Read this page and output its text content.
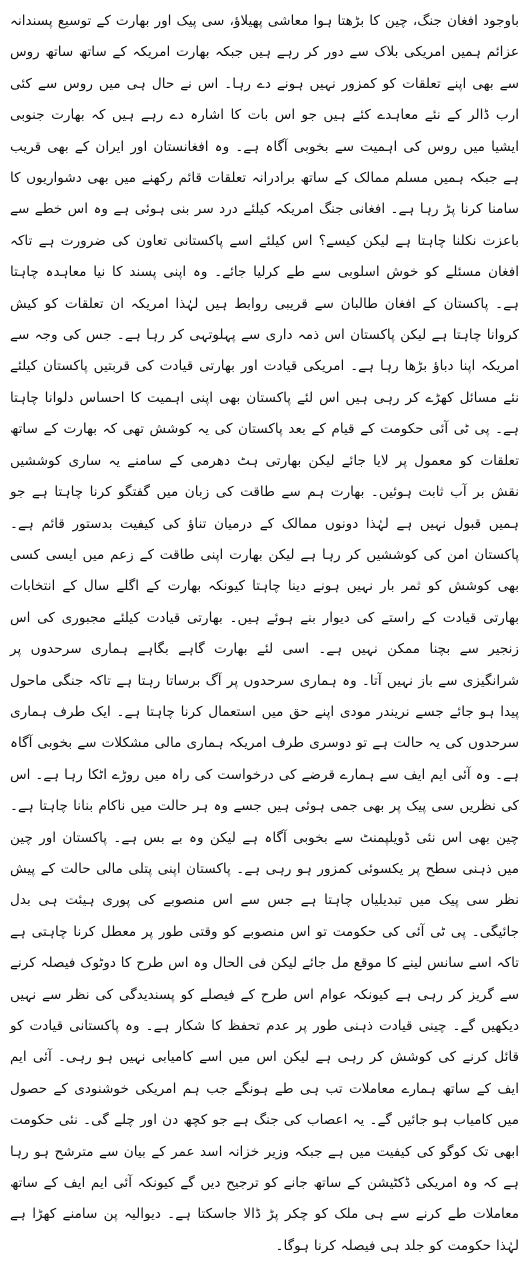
باوجود افغان جنگ، چین کا بڑھتا ہوا معاشی پھیلاؤ، سی پیک اور بھارت کے توسیع پسندانہ عزائم ہمیں امریکی بلاک سے دور کر رہے ہیں جبکہ بھارت امریکہ کے ساتھ ساتھ روس سے بھی اپنے تعلقات کو کمزور نہیں ہونے دے رہا۔ اس نے حال ہی میں روس سے کئی ارب ڈالر کے نئے معاہدے کئے ہیں جو اس بات کا اشارہ دے رہے ہیں کہ بھارت جنوبی ایشیا میں روس کی اہمیت سے بخوبی آگاہ ہے۔ وہ افغانستان اور ایران کے بھی قریب ہے جبکہ ہمیں مسلم ممالک کے ساتھ برادرانہ تعلقات قائم رکھنے میں بھی دشواریوں کا سامنا کرنا پڑ رہا ہے۔ افغانی جنگ امریکہ کیلئے درد سر بنی ہوئی ہے وہ اس خطے سے باعزت نکلنا چاہتا ہے لیکن کیسے؟ اس کیلئے اسے پاکستانی تعاون کی ضرورت ہے تاکہ افغان مسئلے کو خوش اسلوبی سے طے کرلیا جائے۔ وہ اپنی پسند کا نیا معاہدہ چاہتا ہے۔ پاکستان کے افغان طالبان سے قریبی روابط ہیں لہٰذا امریکہ ان تعلقات کو کیش کروانا چاہتا ہے لیکن پاکستان اس ذمہ داری سے پہلوتہی کر رہا ہے۔ جس کی وجہ سے امریکہ اپنا دباؤ بڑھا رہا ہے۔ امریکی قیادت اور بھارتی قیادت کی قربتیں پاکستان کیلئے نئے مسائل کھڑے کر رہی ہیں اس لئے پاکستان بھی اپنی اہمیت کا احساس دلوانا چاہتا ہے۔ پی ٹی آئی حکومت کے قیام کے بعد پاکستان کی یہ کوشش تھی کہ بھارت کے ساتھ تعلقات کو معمول پر لایا جائے لیکن بھارتی ہٹ دھرمی کے سامنے یہ ساری کوششیں نقش بر آب ثابت ہوئیں۔ بھارت ہم سے طاقت کی زبان میں گفتگو کرنا چاہتا ہے جو ہمیں قبول نہیں ہے لہٰذا دونوں ممالک کے درمیان تناؤ کی کیفیت بدستور قائم ہے۔ پاکستان امن کی کوششیں کر رہا ہے لیکن بھارت اپنی طاقت کے زعم میں ایسی کسی بھی کوشش کو ثمر بار نہیں ہونے دینا چاہتا کیونکہ بھارت کے اگلے سال کے انتخابات بھارتی قیادت کے راستے کی دیوار بنے ہوئے ہیں۔ بھارتی قیادت کیلئے مجبوری کی اس زنجیر سے بچنا ممکن نہیں ہے۔ اسی لئے بھارت گاہے بگاہے ہماری سرحدوں پر شرانگیزی سے باز نہیں آتا۔ وہ ہماری سرحدوں پر آگ برساتا رہتا ہے تاکہ جنگی ماحول پیدا ہو جائے جسے نریندر مودی اپنے حق میں استعمال کرنا چاہتا ہے۔ ایک طرف ہماری سرحدوں کی یہ حالت ہے تو دوسری طرف امریکہ ہماری مالی مشکلات سے بخوبی آگاہ ہے۔ وہ آئی ایم ایف سے ہمارے قرضے کی درخواست کی راہ میں روڑے اٹکا رہا ہے۔ اس کی نظریں سی پیک پر بھی جمی ہوئی ہیں جسے وہ ہر حالت میں ناکام بنانا چاہتا ہے۔ چین بھی اس نئی ڈویلپمنٹ سے بخوبی آگاہ ہے لیکن وہ بے بس ہے۔ پاکستان اور چین میں ذہنی سطح پر یکسوئی کمزور ہو رہی ہے۔ پاکستان اپنی پتلی مالی حالت کے پیش نظر سی پیک میں تبدیلیاں چاہتا ہے جس سے اس منصوبے کی پوری ہیئت ہی بدل جائیگی۔ پی ٹی آئی کی حکومت تو اس منصوبے کو وقتی طور پر معطل کرنا چاہتی ہے تاکہ اسے سانس لینے کا موقع مل جائے لیکن فی الحال وہ اس طرح کا دوٹوک فیصلہ کرنے سے گریز کر رہی ہے کیونکہ عوام اس طرح کے فیصلے کو پسندیدگی کی نظر سے نہیں دیکھیں گے۔ چینی قیادت ذہنی طور پر عدم تحفظ کا شکار ہے۔ وہ پاکستانی قیادت کو قائل کرنے کی کوشش کر رہی ہے لیکن اس میں اسے کامیابی نہیں ہو رہی۔ آئی ایم ایف کے ساتھ ہمارے معاملات تب ہی طے ہونگے جب ہم امریکی خوشنودی کے حصول میں کامیاب ہو جائیں گے۔ یہ اعصاب کی جنگ ہے جو کچھ دن اور چلے گی۔ نئی حکومت ابھی تک کوگو کی کیفیت میں ہے جبکہ وزیر خزانہ اسد عمر کے بیان سے مترشح ہو رہا ہے کہ وہ امریکی ڈکٹیشن کے ساتھ جانے کو ترجیح دیں گے کیونکہ آئی ایم ایف کے ساتھ معاملات طے کرنے سے ہی ملک کو چکر پڑ ڈالا جاسکتا ہے۔ دیوالیہ پن سامنے کھڑا ہے لہٰذا حکومت کو جلد ہی فیصلہ کرنا ہوگا۔
